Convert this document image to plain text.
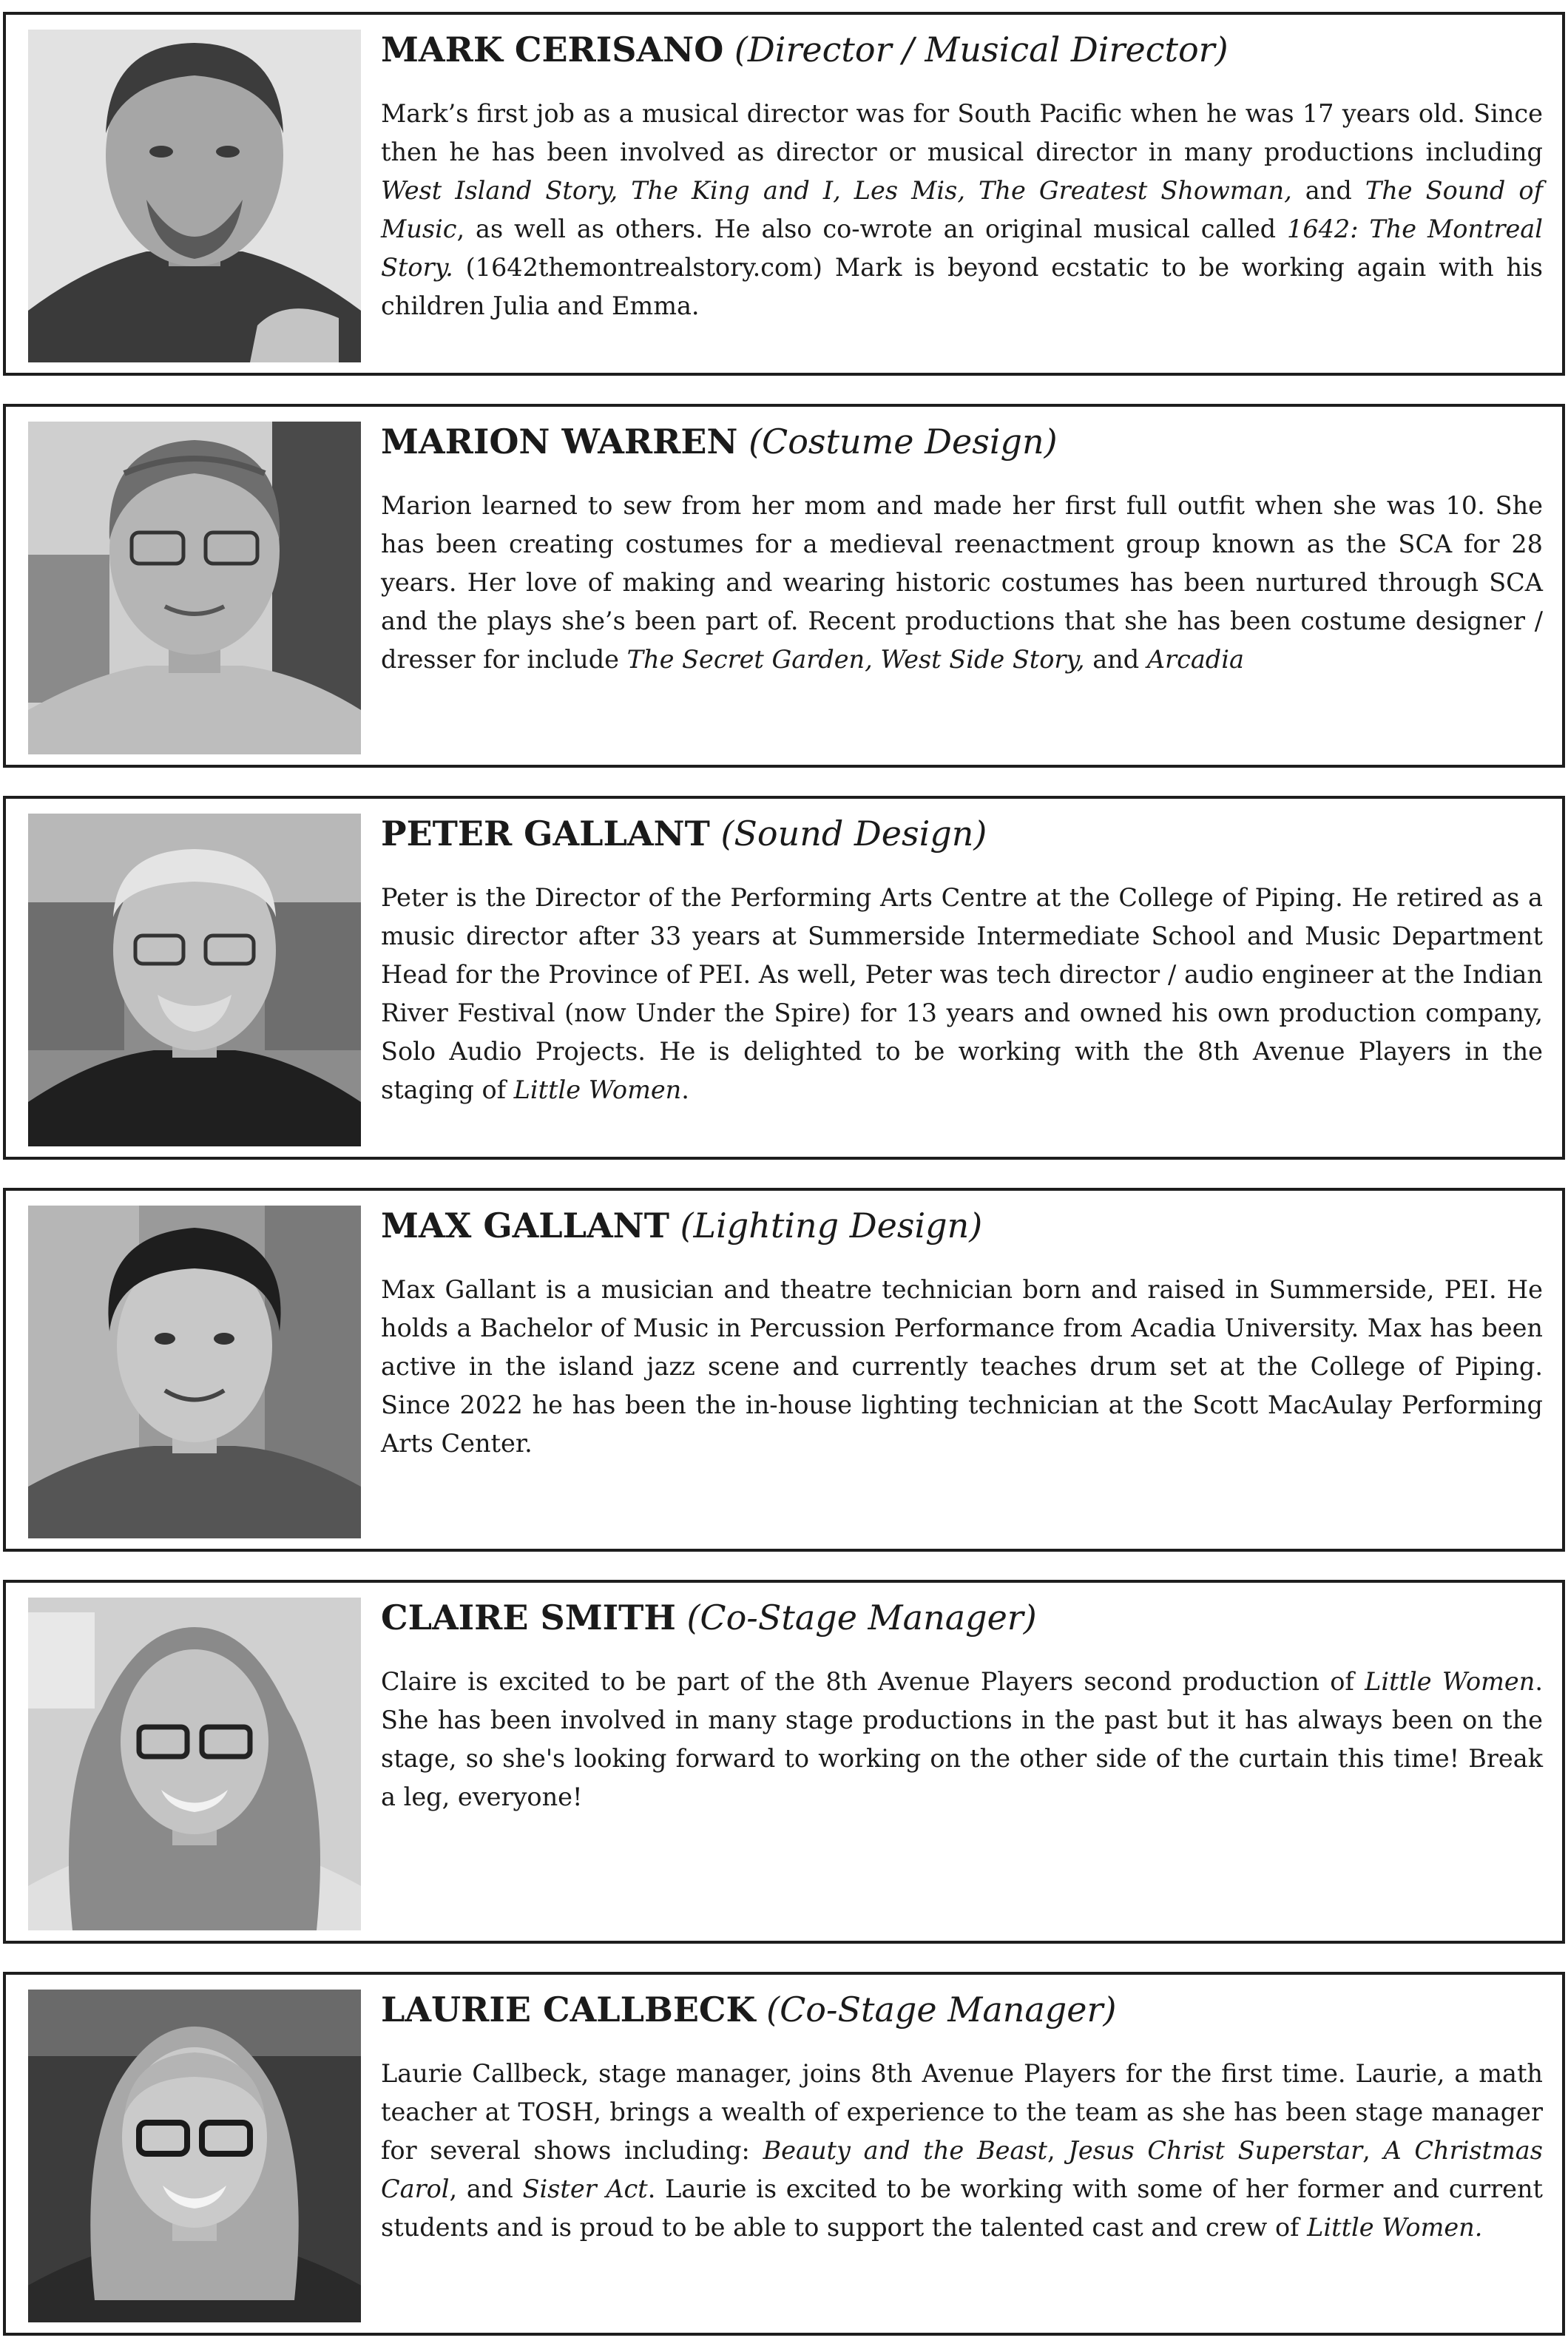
MARK CERISANO (Director / Musical Director)

Mark’s first job as a musical director was for South Pacific when he was 17 years old. Since then he has been involved as director or musical director in many productions including West Island Story, The King and I, Les Mis, The Greatest Showman, and The Sound of Music, as well as others. He also co-wrote an original musical called 1642: The Montreal Story. (1642themontrealstory.com) Mark is beyond ecstatic to be working again with his children Julia and Emma.

MARION WARREN (Costume Design)

Marion learned to sew from her mom and made her first full outfit when she was 10. She has been creating costumes for a medieval reenactment group known as the SCA for 28 years. Her love of making and wearing historic costumes has been nurtured through SCA and the plays she’s been part of. Recent productions that she has been costume designer / dresser for include The Secret Garden, West Side Story, and Arcadia

PETER GALLANT (Sound Design)

Peter is the Director of the Performing Arts Centre at the College of Piping. He retired as a music director after 33 years at Summerside Intermediate School and Music Department Head for the Province of PEI. As well, Peter was tech director / audio engineer at the Indian River Festival (now Under the Spire) for 13 years and owned his own production company, Solo Audio Projects. He is delighted to be working with the 8th Avenue Players in the staging of Little Women.

MAX GALLANT (Lighting Design)

Max Gallant is a musician and theatre technician born and raised in Summerside, PEI. He holds a Bachelor of Music in Percussion Performance from Acadia University. Max has been active in the island jazz scene and currently teaches drum set at the College of Piping. Since 2022 he has been the in-house lighting technician at the Scott MacAulay Performing Arts Center.

CLAIRE SMITH (Co-Stage Manager)

Claire is excited to be part of the 8th Avenue Players second production of Little Women. She has been involved in many stage productions in the past but it has always been on the stage, so she's looking forward to working on the other side of the curtain this time! Break a leg, everyone!

LAURIE CALLBECK (Co-Stage Manager)

Laurie Callbeck, stage manager, joins 8th Avenue Players for the first time. Laurie, a math teacher at TOSH, brings a wealth of experience to the team as she has been stage manager for several shows including: Beauty and the Beast, Jesus Christ Superstar, A Christmas Carol, and Sister Act. Laurie is excited to be working with some of her former and current students and is proud to be able to support the talented cast and crew of Little Women.
